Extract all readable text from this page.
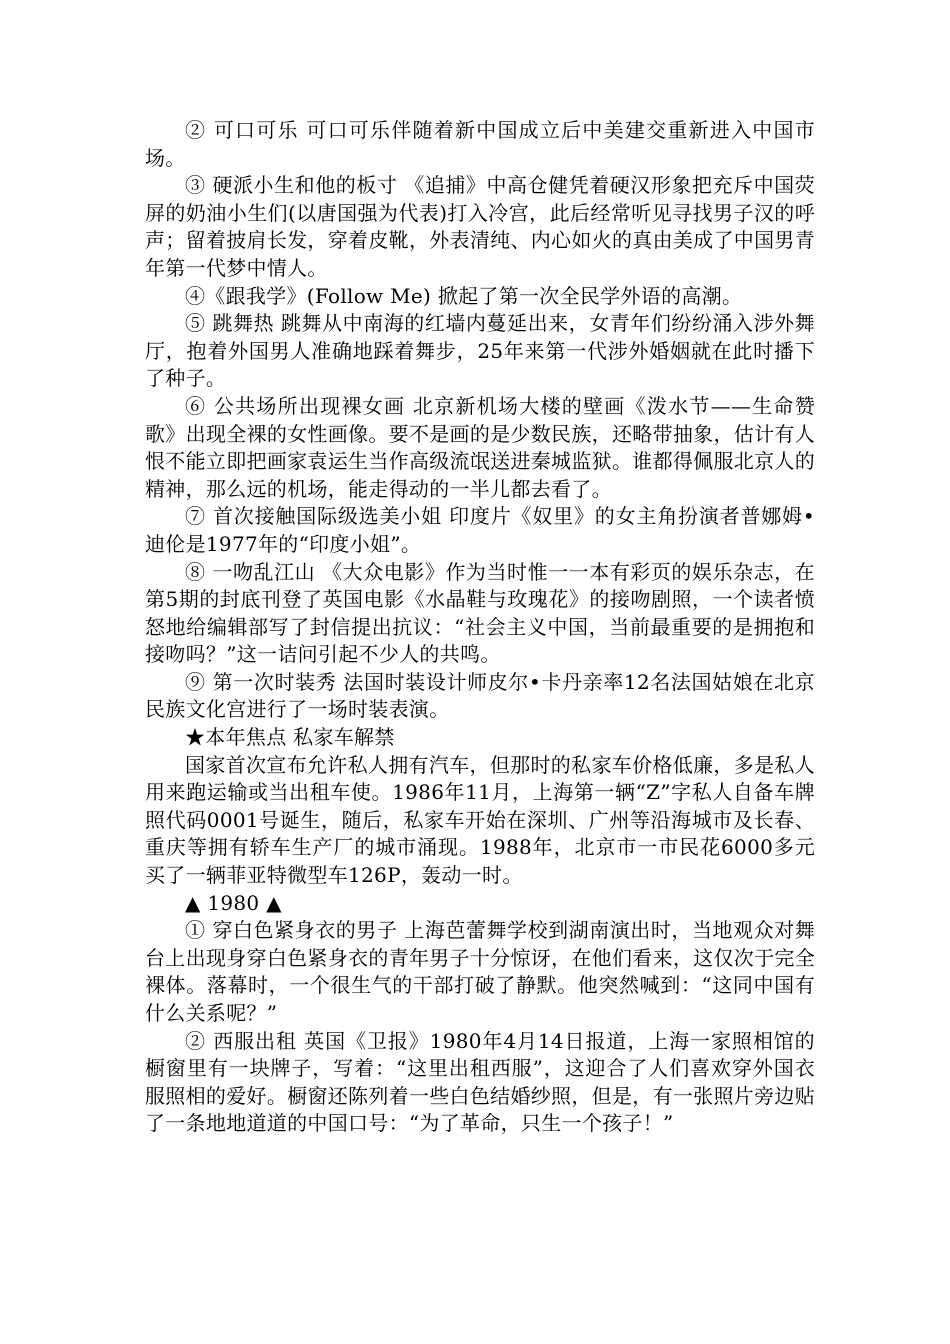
② 可口可乐 可口可乐伴随着新中国成立后中美建交重新进入中国市场。

③ 硬派小生和他的板寸 《追捕》中高仓健凭着硬汉形象把充斥中国荧屏的奶油小生们(以唐国强为代表)打入冷宫，此后经常听见寻找男子汉的呼声；留着披肩长发，穿着皮靴，外表清纯、内心如火的真由美成了中国男青年第一代梦中情人。

④《跟我学》(Follow Me) 掀起了第一次全民学外语的高潮。

⑤ 跳舞热 跳舞从中南海的红墙内蔓延出来，女青年们纷纷涌入涉外舞厅，抱着外国男人准确地踩着舞步，25年来第一代涉外婚姻就在此时播下了种子。

⑥ 公共场所出现裸女画 北京新机场大楼的壁画《泼水节——生命赞歌》出现全裸的女性画像。要不是画的是少数民族，还略带抽象，估计有人恨不能立即把画家袁运生当作高级流氓送进秦城监狱。谁都得佩服北京人的精神，那么远的机场，能走得动的一半儿都去看了。

⑦ 首次接触国际级选美小姐 印度片《奴里》的女主角扮演者普娜姆•迪伦是1977年的“印度小姐”。

⑧ 一吻乱江山 《大众电影》作为当时惟一一本有彩页的娱乐杂志，在第5期的封底刊登了英国电影《水晶鞋与玫瑰花》的接吻剧照，一个读者愤怒地给编辑部写了封信提出抗议：“社会主义中国，当前最重要的是拥抱和接吻吗？”这一诘问引起不少人的共鸣。

⑨ 第一次时装秀 法国时装设计师皮尔•卡丹亲率12名法国姑娘在北京民族文化宫进行了一场时装表演。

★本年焦点 私家车解禁

国家首次宣布允许私人拥有汽车，但那时的私家车价格低廉，多是私人用来跑运输或当出租车使。1986年11月，上海第一辆“Z”字私人自备车牌照代码0001号诞生，随后，私家车开始在深圳、广州等沿海城市及长春、重庆等拥有轿车生产厂的城市涌现。1988年，北京市一市民花6000多元买了一辆菲亚特微型车126P，轰动一时。

▲ 1980 ▲

① 穿白色紧身衣的男子 上海芭蕾舞学校到湖南演出时，当地观众对舞台上出现身穿白色紧身衣的青年男子十分惊讶，在他们看来，这仅次于完全裸体。落幕时，一个很生气的干部打破了静默。他突然喊到：“这同中国有什么关系呢？”

② 西服出租 英国《卫报》1980年4月14日报道，上海一家照相馆的橱窗里有一块牌子，写着：“这里出租西服”，这迎合了人们喜欢穿外国衣服照相的爱好。橱窗还陈列着一些白色结婚纱照，但是，有一张照片旁边贴了一条地地道道的中国口号：“为了革命，只生一个孩子！”
